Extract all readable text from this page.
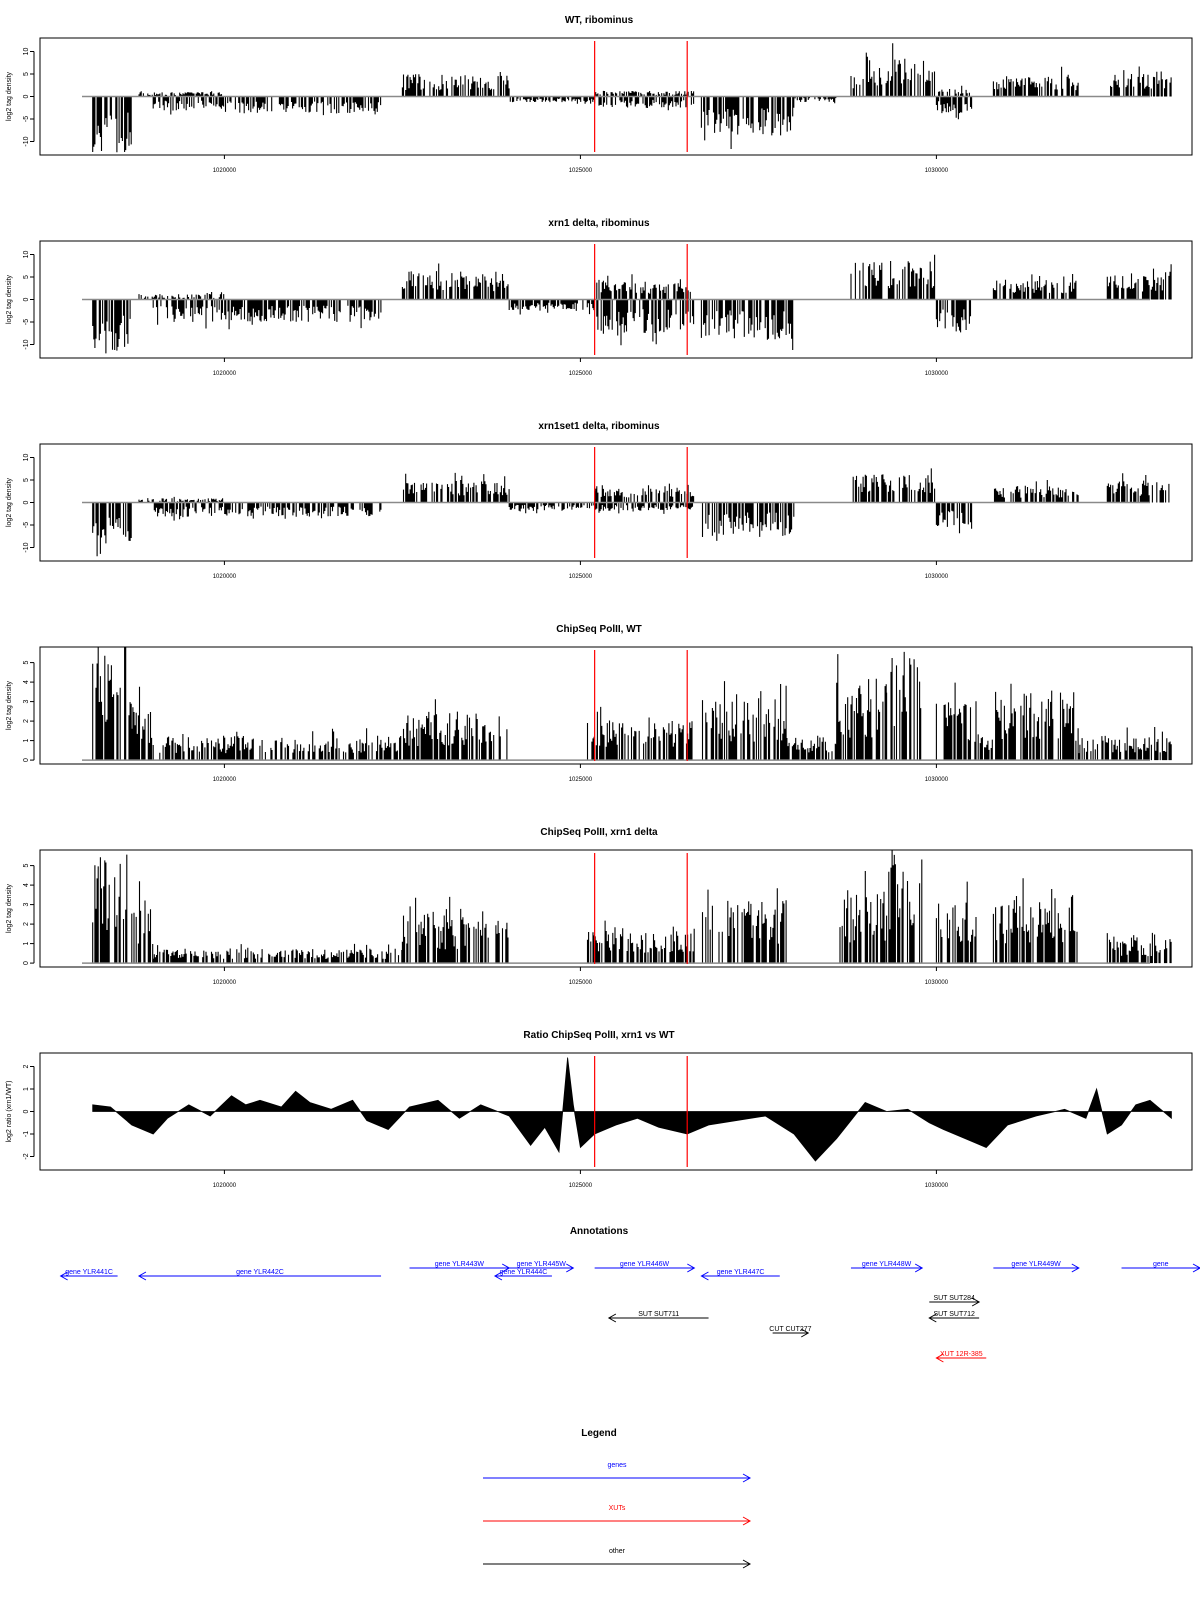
WT, ribominus
10
5
0
-5
-10
log2 tag density
1020000	1025000	1030000
xrn1 delta, ribominus
10
5
0
-5
-10
log2 tag density
1020000	1025000	1030000
xrn1set1 delta, ribominus
10
5
0
-5
-10
log2 tag density
1020000	1025000	1030000
ChipSeq PolII, WT
0
1
2
3
4
5
log2 tag density
1020000	1025000	1030000
ChipSeq PolII, xrn1 delta
0
1
2
3
4
5
log2 tag density
1020000	1025000	1030000
Ratio ChipSeq PolII, xrn1 vs WT
2
1
0
-1
-2
log2 ratio (xrn1/WT)
1020000	1025000	1030000
Annotations
gene YLR441C	gene YLR442C
gene YLR443W
gene YLR444C
gene YLR445W	gene YLR446W
gene YLR447C
gene YLR448W	gene YLR449W	gene
SUT SUT711
CUT CUT277
SUT SUT284
SUT SUT712
XUT 12R-385
Legend
genes
XUTs
other
